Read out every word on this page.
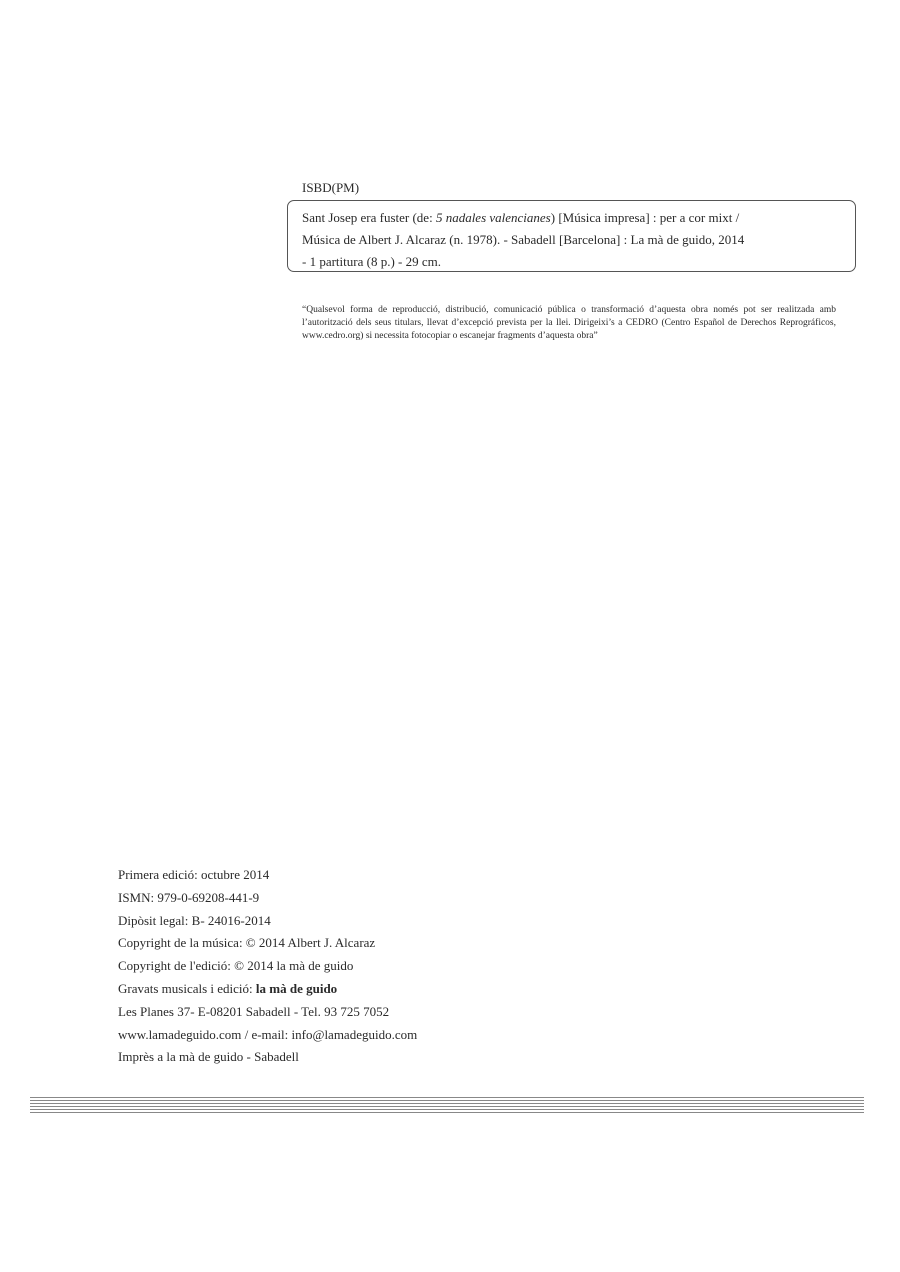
ISBD(PM)
Sant Josep era fuster (de: 5 nadales valencianes) [Música impresa] : per a cor mixt /
Música de Albert J. Alcaraz (n. 1978). - Sabadell [Barcelona] : La mà de guido, 2014
- 1 partitura (8 p.) - 29 cm.
“Qualsevol forma de reproducció, distribució, comunicació pública o transformació d’aquesta obra només pot ser realitzada amb l’autorització dels seus titulars, llevat d’excepció prevista per la llei. Dirigeixi’s a CEDRO (Centro Español de Derechos Reprográficos, www.cedro.org) si necessita fotocopiar o escanejar fragments d’aquesta obra”
Primera edició: octubre 2014
ISMN: 979-0-69208-441-9
Dipòsit legal: B- 24016-2014
Copyright de la música: © 2014 Albert J. Alcaraz
Copyright de l'edició: © 2014 la mà de guido
Gravats musicals i edició: la mà de guido
Les Planes 37- E-08201 Sabadell - Tel. 93 725 7052
www.lamadeguido.com / e-mail: info@lamadeguido.com
Imprès a la mà de guido - Sabadell
